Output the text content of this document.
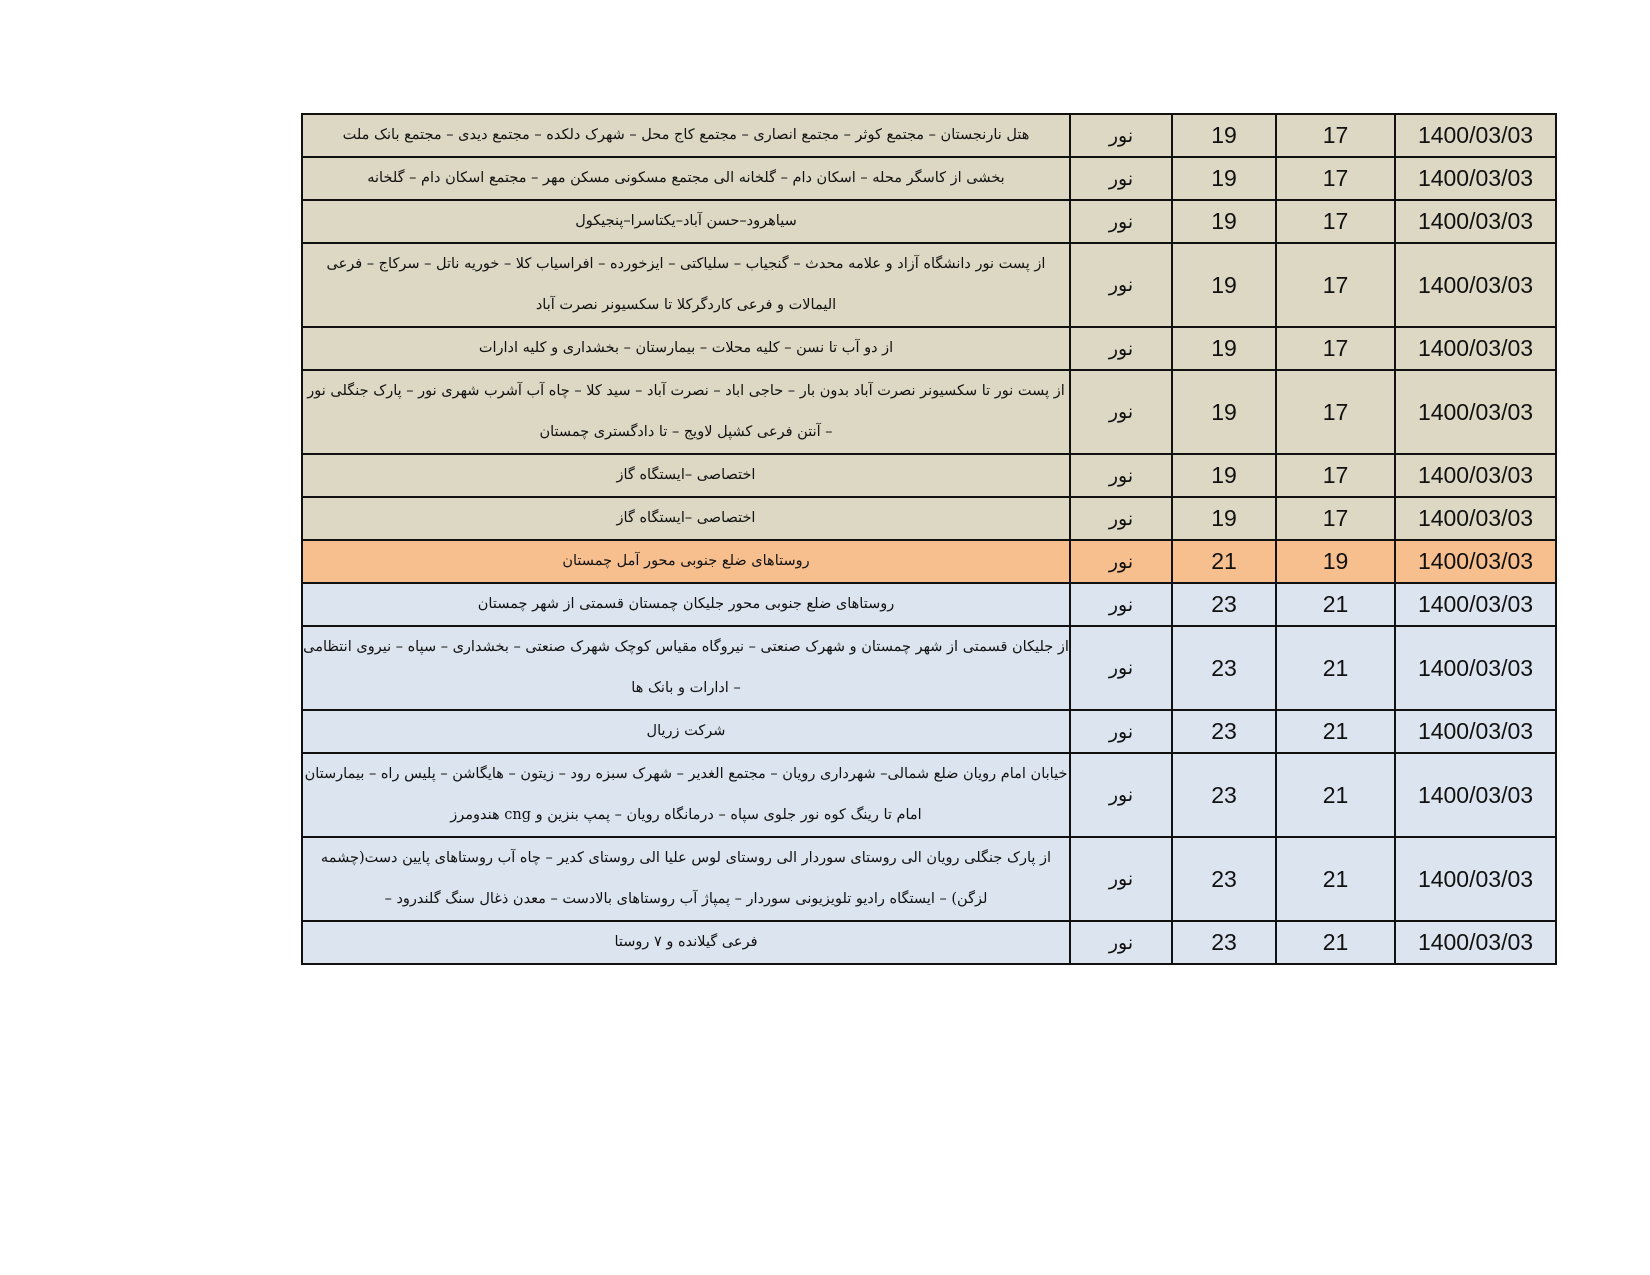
هتل نارنجستان – مجتمع کوثر – مجتمع انصاری – مجتمع کاج محل – شهرک دلکده – مجتمع دیدی – مجتمع بانک ملت	نور	19	17	1400/03/03
بخشی از کاسگر محله – اسکان دام – گلخانه الی مجتمع مسکونی مسکن مهر – مجتمع اسکان دام – گلخانه	نور	19	17	1400/03/03
سیاهرود–حسن آباد–یکتاسرا–پنجیکول	نور	19	17	1400/03/03
از پست نور دانشگاه آزاد و علامه محدث – گنجیاب – سلیاکتی – ایزخورده – افراسیاب کلا – خوریه ناتل – سرکاج – فرعی الیمالات و فرعی کاردگرکلا تا سکسیونر نصرت آباد	نور	19	17	1400/03/03
از دو آب تا نسن – کلیه محلات – بیمارستان – بخشداری و کلیه ادارات	نور	19	17	1400/03/03
از پست نور تا سکسیونر نصرت آباد بدون بار – حاجی اباد – نصرت آباد – سید کلا – چاه آب آشرب شهری نور – پارک جنگلی نور – آنتن فرعی کشپل لاویج – تا دادگستری چمستان	نور	19	17	1400/03/03
اختصاصی –ایستگاه گاز	نور	19	17	1400/03/03
اختصاصی –ایستگاه گاز	نور	19	17	1400/03/03
روستاهای ضلع جنوبی محور آمل چمستان	نور	21	19	1400/03/03
روستاهای ضلع جنوبی محور جلیکان چمستان قسمتی از شهر چمستان	نور	23	21	1400/03/03
از جلیکان قسمتی از شهر چمستان و شهرک صنعتی – نیروگاه مقیاس کوچک شهرک صنعتی – بخشداری – سپاه – نیروی انتظامی – ادارات و بانک ها	نور	23	21	1400/03/03
شرکت زریال	نور	23	21	1400/03/03
خیابان امام رویان ضلع شمالی– شهرداری رویان – مجتمع الغدیر – شهرک سبزه رود – زیتون – هایگاشن – پلیس راه – بیمارستان امام تا رینگ کوه نور جلوی سپاه – درمانگاه رویان – پمپ بنزین و cng هندومرز	نور	23	21	1400/03/03
از پارک جنگلی رویان الی روستای سوردار الی روستای لوس علیا الی روستای کدیر – چاه آب روستاهای پایین دست(چشمه لزگن) – ایستگاه رادیو تلویزیونی سوردار – پمپاژ آب روستاهای بالادست – معدن ذغال سنگ گلندرود –	نور	23	21	1400/03/03
فرعی گیلانده و ۷ روستا	نور	23	21	1400/03/03
